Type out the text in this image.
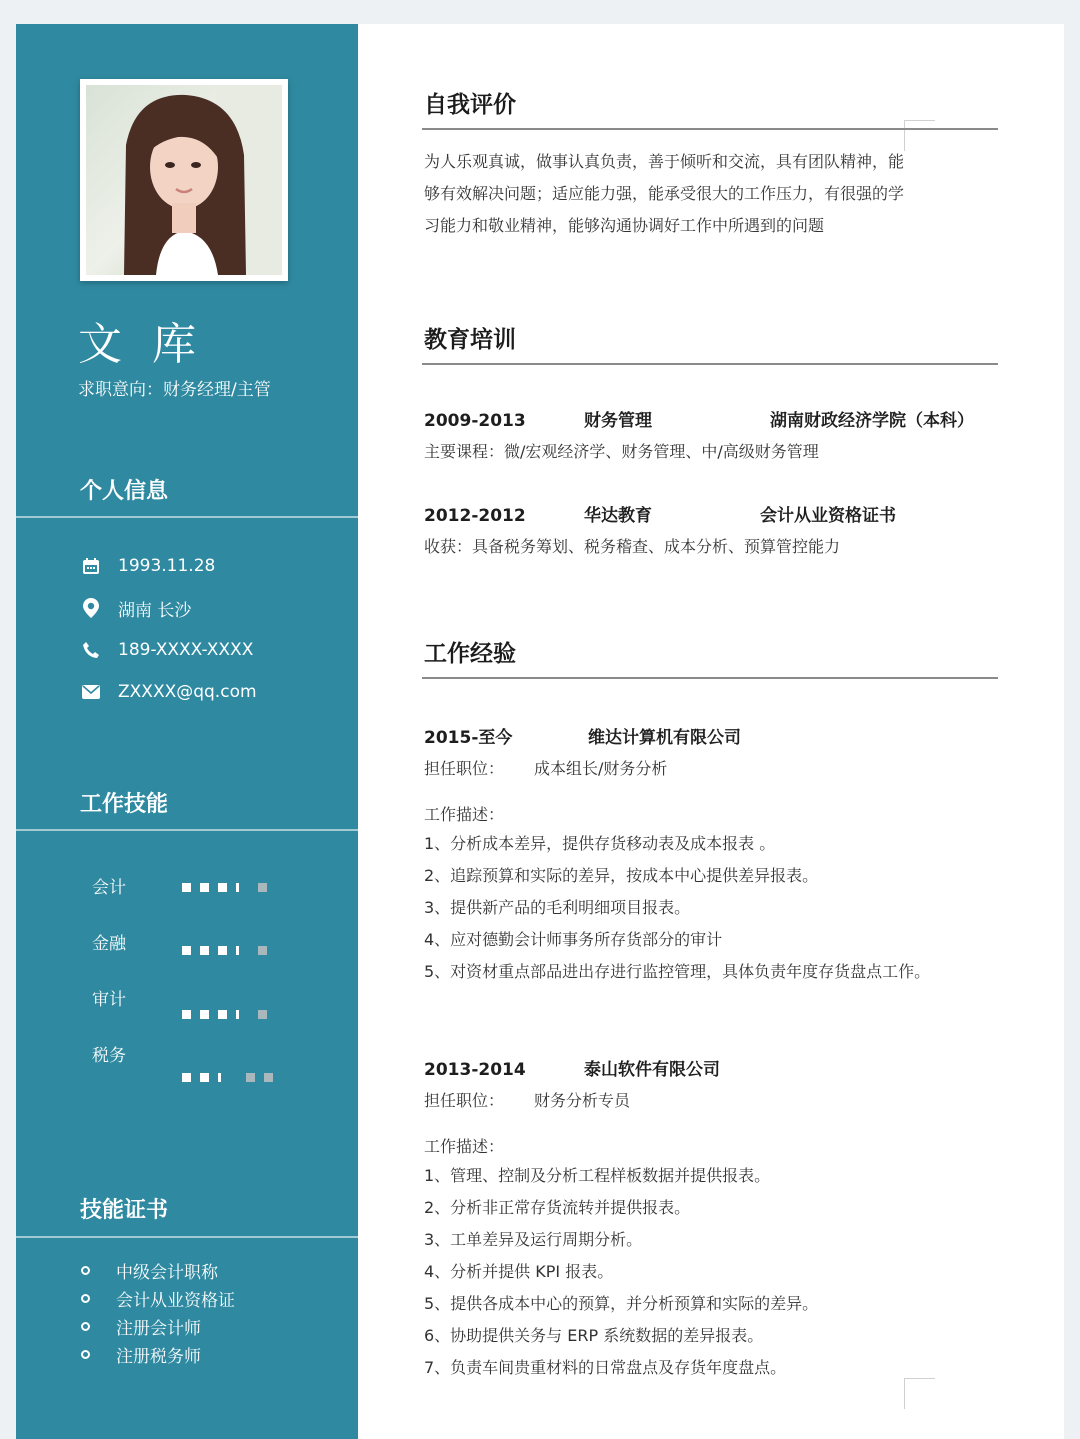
文 库
求职意向：财务经理/主管
个人信息
1993.11.28
湖南 长沙
189-XXXX-XXXX
ZXXXX@qq.com
工作技能
会计
金融
审计
税务
技能证书
中级会计职称
会计从业资格证
注册会计师
注册税务师
自我评价
为人乐观真诚，做事认真负责，善于倾听和交流，具有团队精神，能
够有效解决问题；适应能力强，能承受很大的工作压力，有很强的学
习能力和敬业精神，能够沟通协调好工作中所遇到的问题
教育培训
2009-2013	财务管理	湖南财政经济学院（本科）
主要课程：微/宏观经济学、财务管理、中/高级财务管理
2012-2012	华达教育	会计从业资格证书
收获：具备税务筹划、税务稽查、成本分析、预算管控能力
工作经验
2015-至今	维达计算机有限公司
担任职位： 成本组长/财务分析
工作描述：
1、分析成本差异，提供存货移动表及成本报表 。
2、追踪预算和实际的差异，按成本中心提供差异报表。
3、提供新产品的毛利明细项目报表。
4、应对德勤会计师事务所存货部分的审计
5、对资材重点部品进出存进行监控管理，具体负责年度存货盘点工作。
2013-2014	泰山软件有限公司
担任职位： 财务分析专员
工作描述：
1、管理、控制及分析工程样板数据并提供报表。
2、分析非正常存货流转并提供报表。
3、工单差异及运行周期分析。
4、分析并提供 KPI 报表。
5、提供各成本中心的预算，并分析预算和实际的差异。
6、协助提供关务与 ERP 系统数据的差异报表。
7、负责车间贵重材料的日常盘点及存货年度盘点。
